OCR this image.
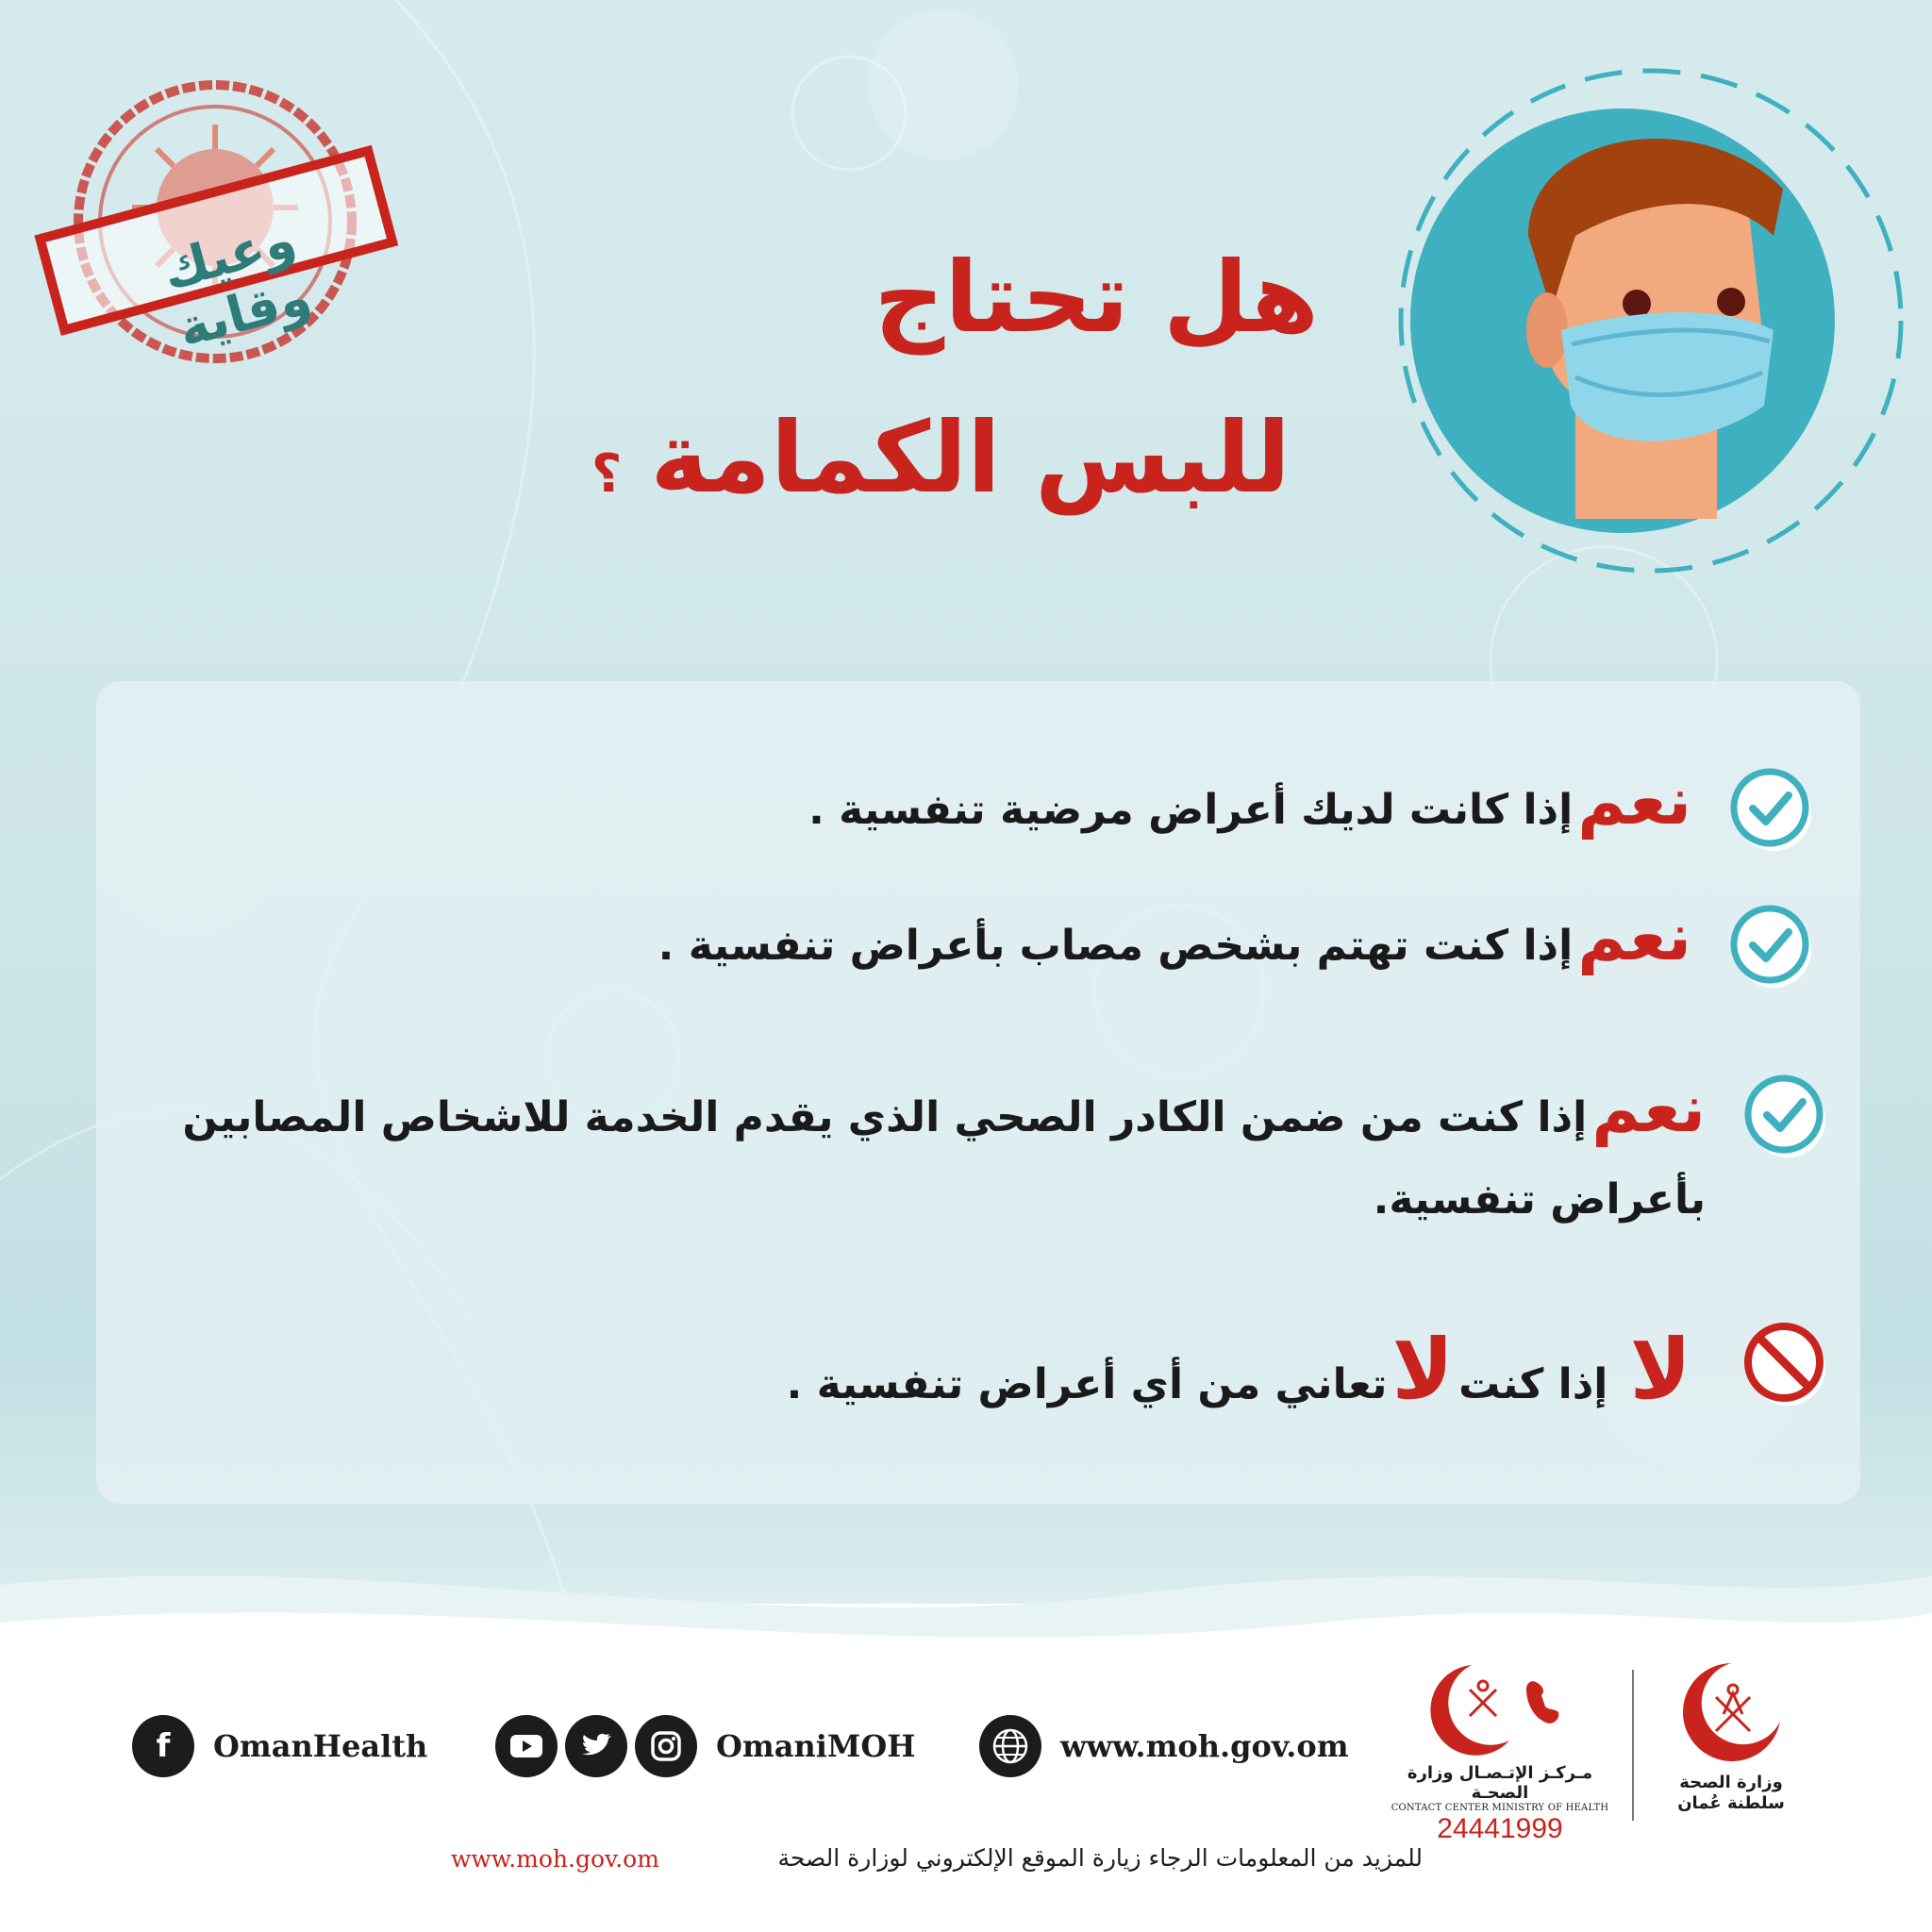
وعيك وقاية	هل تحتاج
للبس الكمامة؟
نعم إذا كانت لديك أعراض مرضية تنفسية .
نعم إذا كنت تهتم بشخص مصاب بأعراض تنفسية .
نعم إذا كنت من ضمن الكادر الصحي الذي يقدم الخدمة للاشخاص المصابين
بأعراض تنفسية.
لا إذا كنت لا تعاني من أي أعراض تنفسية .
f	OmanHealth	OmaniMOH	www.moh.gov.om
مـركـز الإتـصـال وزارة الصحـة
CONTACT CENTER MINISTRY OF HEALTH
24441999
وزارة الصحة
سلطنة عُمان
للمزيد من المعلومات الرجاء زيارة الموقع الإلكتروني لوزارة الصحة
www.moh.gov.om
